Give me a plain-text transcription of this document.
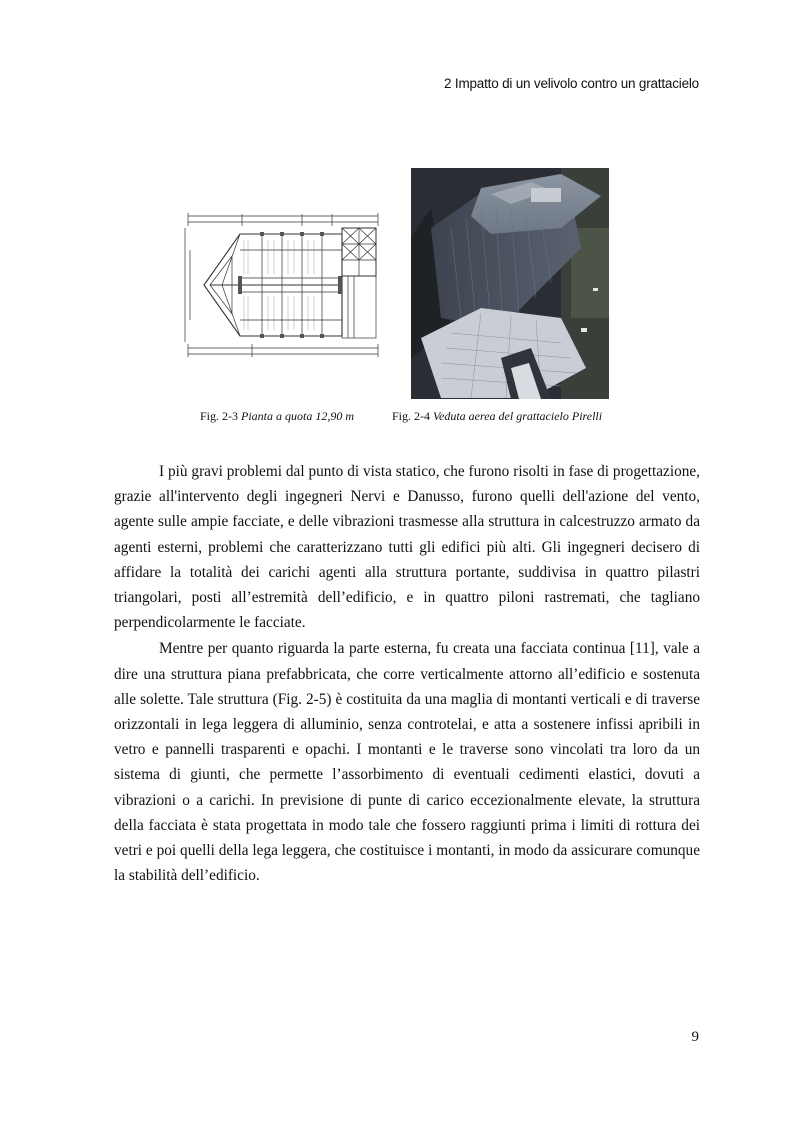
2 Impatto di un velivolo contro un grattacielo
Fig. 2-3 Pianta a quota 12,90 m	Fig. 2-4 Veduta aerea del grattacielo Pirelli

I più gravi problemi dal punto di vista statico, che furono risolti in fase di progettazione, grazie all'intervento degli ingegneri Nervi e Danusso, furono quelli dell'azione del vento, agente sulle ampie facciate, e delle vibrazioni trasmesse alla struttura in calcestruzzo armato da agenti esterni, problemi che caratterizzano tutti gli edifici più alti. Gli ingegneri decisero di affidare la totalità dei carichi agenti alla struttura portante, suddivisa in quattro pilastri triangolari, posti all’estremità dell’edificio, e in quattro piloni rastremati, che tagliano perpendicolarmente le facciate.

Mentre per quanto riguarda la parte esterna, fu creata una facciata continua [11], vale a dire una struttura piana prefabbricata, che corre verticalmente attorno all’edificio e sostenuta alle solette. Tale struttura (Fig. 2-5) è costituita da una maglia di montanti verticali e di traverse orizzontali in lega leggera di alluminio, senza controtelai, e atta a sostenere infissi apribili in vetro e pannelli trasparenti e opachi. I montanti e le traverse sono vincolati tra loro da un sistema di giunti, che permette l’assorbimento di eventuali cedimenti elastici, dovuti a vibrazioni o a carichi. In previsione di punte di carico eccezionalmente elevate, la struttura della facciata è stata progettata in modo tale che fossero raggiunti prima i limiti di rottura dei vetri e poi quelli della lega leggera, che costituisce i montanti, in modo da assicurare comunque la stabilità dell’edificio.

9
